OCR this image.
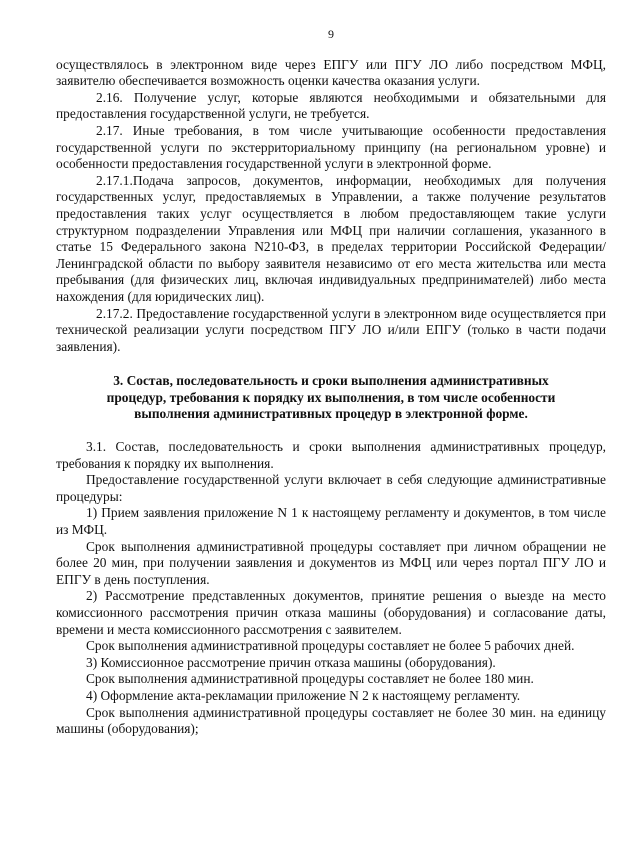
9

осуществлялось в электронном виде через ЕПГУ или ПГУ ЛО либо посредством МФЦ, заявителю обеспечивается возможность оценки качества оказания услуги.

2.16. Получение услуг, которые являются необходимыми и обязательными для предоставления государственной услуги, не требуется.

2.17. Иные требования, в том числе учитывающие особенности предоставления государственной услуги по экстерриториальному принципу (на региональном уровне) и особенности предоставления государственной услуги в электронной форме.

2.17.1.Подача запросов, документов, информации, необходимых для получения государственных услуг, предоставляемых в Управлении, а также получение результатов предоставления таких услуг осуществляется в любом предоставляющем такие услуги структурном подразделении Управления или МФЦ при наличии соглашения, указанного в статье 15 Федерального закона N210-ФЗ, в пределах территории Российской Федерации/Ленинградской области по выбору заявителя независимо от его места жительства или места пребывания (для физических лиц, включая индивидуальных предпринимателей) либо места нахождения (для юридических лиц).

2.17.2. Предоставление государственной услуги в электронном виде осуществляется при технической реализации услуги посредством ПГУ ЛО и/или ЕПГУ (только в части подачи заявления).

3. Состав, последовательность и сроки выполнения административных процедур, требования к порядку их выполнения, в том числе особенности выполнения административных процедур в электронной форме.

3.1. Состав, последовательность и сроки выполнения административных процедур, требования к порядку их выполнения.

Предоставление государственной услуги включает в себя следующие административные процедуры:

1) Прием заявления приложение N 1 к настоящему регламенту и документов, в том числе из МФЦ.

Срок выполнения административной процедуры составляет при личном обращении не более 20 мин, при получении заявления и документов из МФЦ или через портал ПГУ ЛО и ЕПГУ в день поступления.

2) Рассмотрение представленных документов, принятие решения о выезде на место комиссионного рассмотрения причин отказа машины (оборудования) и согласование даты, времени и места комиссионного рассмотрения с заявителем.

Срок выполнения административной процедуры составляет не более 5 рабочих дней.

3) Комиссионное рассмотрение причин отказа машины (оборудования).

Срок выполнения административной процедуры составляет не более 180 мин.

4) Оформление акта-рекламации приложение N 2 к настоящему регламенту.

Срок выполнения административной процедуры составляет не более 30 мин. на единицу машины (оборудования);
